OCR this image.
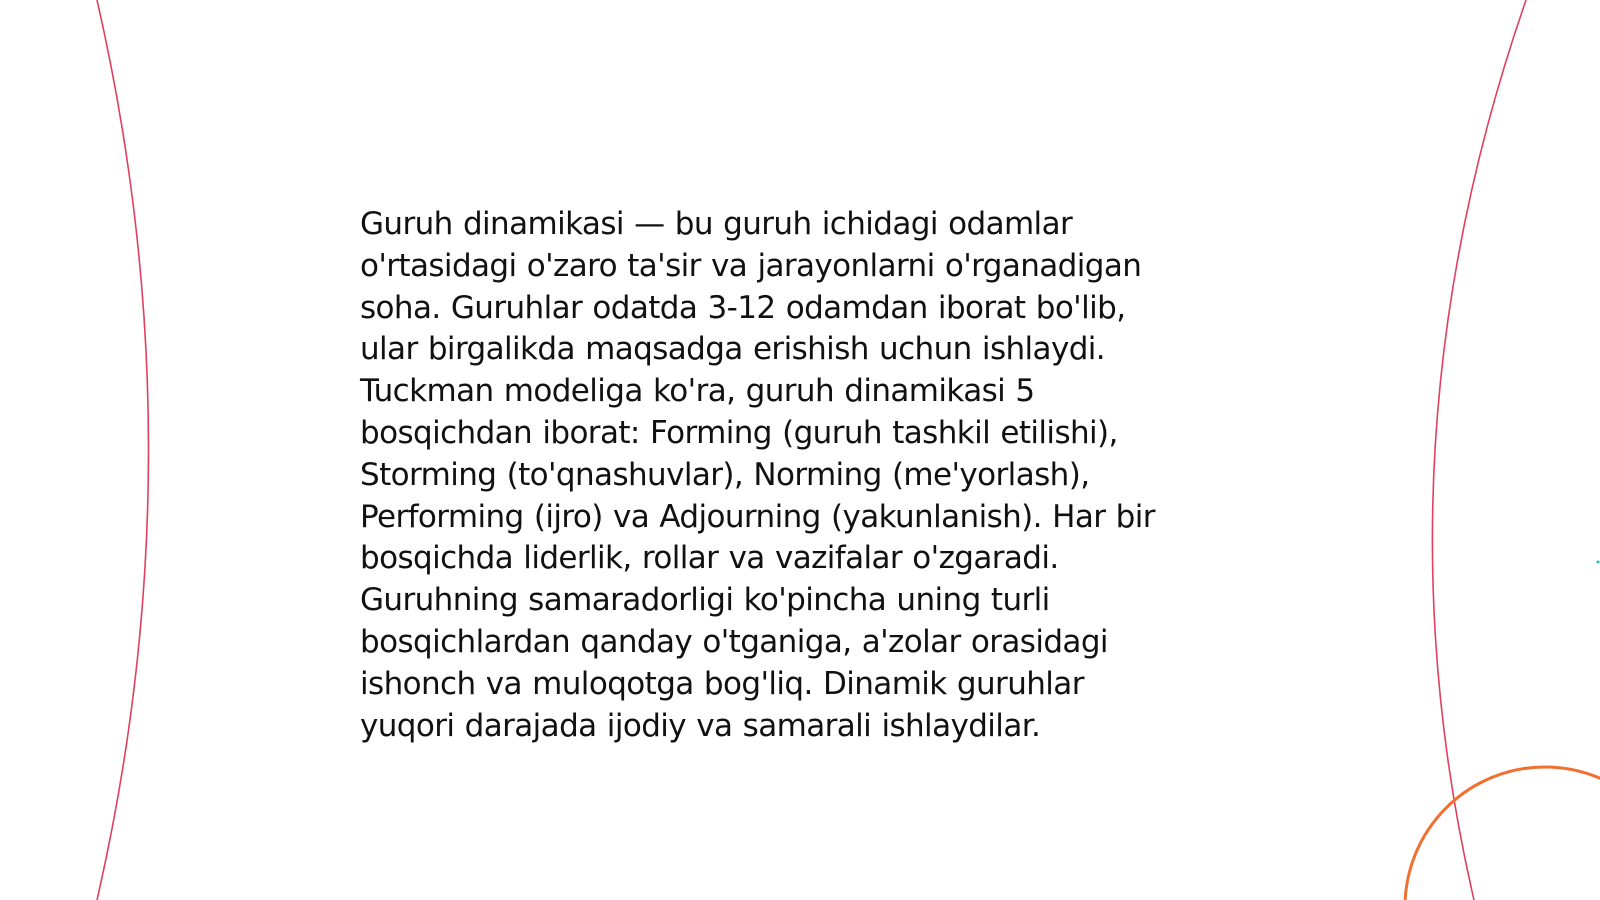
Guruh dinamikasi — bu guruh ichidagi odamlar
o'rtasidagi o'zaro ta'sir va jarayonlarni o'rganadigan
soha. Guruhlar odatda 3-12 odamdan iborat bo'lib,
ular birgalikda maqsadga erishish uchun ishlaydi.
Tuckman modeliga ko'ra, guruh dinamikasi 5
bosqichdan iborat: Forming (guruh tashkil etilishi),
Storming (to'qnashuvlar), Norming (me'yorlash),
Performing (ijro) va Adjourning (yakunlanish). Har bir
bosqichda liderlik, rollar va vazifalar o'zgaradi.
Guruhning samaradorligi ko'pincha uning turli
bosqichlardan qanday o'tganiga, a'zolar orasidagi
ishonch va muloqotga bog'liq. Dinamik guruhlar
yuqori darajada ijodiy va samarali ishlaydilar.
